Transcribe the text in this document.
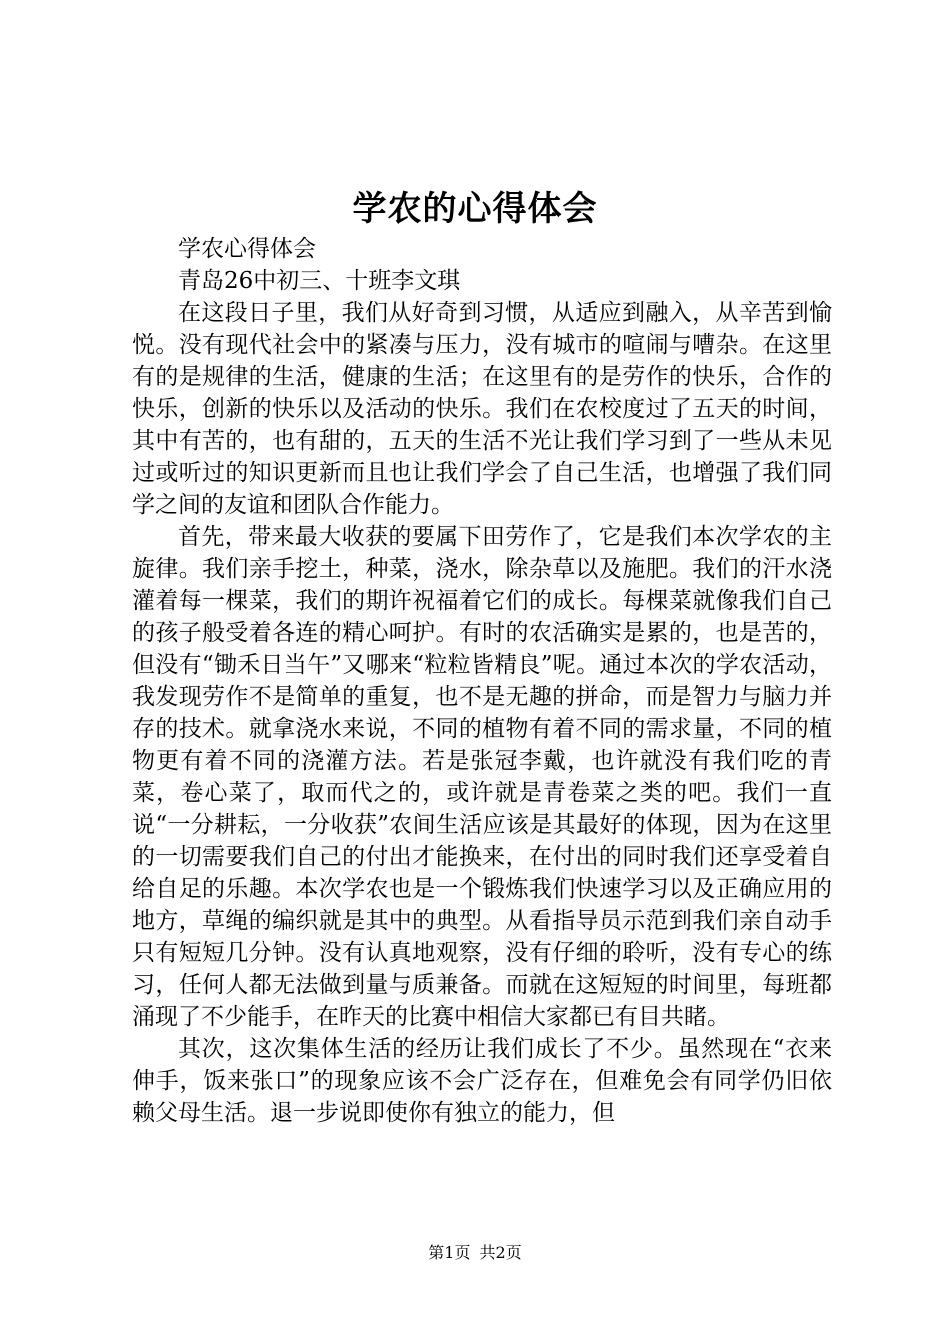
学农的心得体会

学农心得体会

青岛26中初三、十班李文琪

在这段日子里，我们从好奇到习惯，从适应到融入，从辛苦到愉悦。没有现代社会中的紧凑与压力，没有城市的喧闹与嘈杂。在这里有的是规律的生活，健康的生活；在这里有的是劳作的快乐，合作的快乐，创新的快乐以及活动的快乐。我们在农校度过了五天的时间，其中有苦的，也有甜的，五天的生活不光让我们学习到了一些从未见过或听过的知识更新而且也让我们学会了自己生活，也增强了我们同学之间的友谊和团队合作能力。

首先，带来最大收获的要属下田劳作了，它是我们本次学农的主旋律。我们亲手挖土，种菜，浇水，除杂草以及施肥。我们的汗水浇灌着每一棵菜，我们的期许祝福着它们的成长。每棵菜就像我们自己的孩子般受着各连的精心呵护。有时的农活确实是累的，也是苦的，但没有“锄禾日当午”又哪来“粒粒皆精良”呢。通过本次的学农活动，我发现劳作不是简单的重复，也不是无趣的拼命，而是智力与脑力并存的技术。就拿浇水来说，不同的植物有着不同的需求量，不同的植物更有着不同的浇灌方法。若是张冠李戴，也许就没有我们吃的青菜，卷心菜了，取而代之的，或许就是青卷菜之类的吧。我们一直说“一分耕耘，一分收获”农间生活应该是其最好的体现，因为在这里的一切需要我们自己的付出才能换来，在付出的同时我们还享受着自给自足的乐趣。本次学农也是一个锻炼我们快速学习以及正确应用的地方，草绳的编织就是其中的典型。从看指导员示范到我们亲自动手只有短短几分钟。没有认真地观察，没有仔细的聆听，没有专心的练习，任何人都无法做到量与质兼备。而就在这短短的时间里，每班都涌现了不少能手，在昨天的比赛中相信大家都已有目共睹。

其次，这次集体生活的经历让我们成长了不少。虽然现在“衣来伸手，饭来张口”的现象应该不会广泛存在，但难免会有同学仍旧依赖父母生活。退一步说即使你有独立的能力，但

第1页 共2页
